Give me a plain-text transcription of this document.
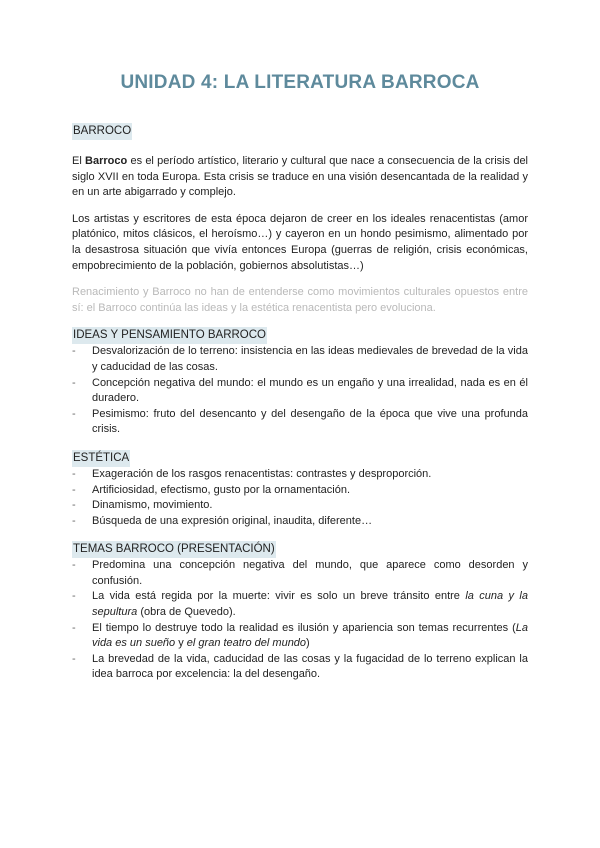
UNIDAD 4: LA LITERATURA BARROCA
BARROCO

El Barroco es el período artístico, literario y cultural que nace a consecuencia de la crisis del siglo XVII en toda Europa. Esta crisis se traduce en una visión desencantada de la realidad y en un arte abigarrado y complejo.

Los artistas y escritores de esta época dejaron de creer en los ideales renacentistas (amor platónico, mitos clásicos, el heroísmo…) y cayeron en un hondo pesimismo, alimentado por la desastrosa situación que vivía entonces Europa (guerras de religión, crisis económicas, empobrecimiento de la población, gobiernos absolutistas…)

Renacimiento y Barroco no han de entenderse como movimientos culturales opuestos entre sí: el Barroco continúa las ideas y la estética renacentista pero evoluciona.

IDEAS Y PENSAMIENTO BARROCO
- Desvalorización de lo terreno: insistencia en las ideas medievales de brevedad de la vida y caducidad de las cosas.
- Concepción negativa del mundo: el mundo es un engaño y una irrealidad, nada es en él duradero.
- Pesimismo: fruto del desencanto y del desengaño de la época que vive una profunda crisis.
ESTÉTICA
- Exageración de los rasgos renacentistas: contrastes y desproporción.
- Artificiosidad, efectismo, gusto por la ornamentación.
- Dinamismo, movimiento.
- Búsqueda de una expresión original, inaudita, diferente…
TEMAS BARROCO (PRESENTACIÓN)
- Predomina una concepción negativa del mundo, que aparece como desorden y confusión.
- La vida está regida por la muerte: vivir es solo un breve tránsito entre la cuna y la sepultura (obra de Quevedo).
- El tiempo lo destruye todo la realidad es ilusión y apariencia son temas recurrentes (La vida es un sueño y el gran teatro del mundo)
- La brevedad de la vida, caducidad de las cosas y la fugacidad de lo terreno explican la idea barroca por excelencia: la del desengaño.
